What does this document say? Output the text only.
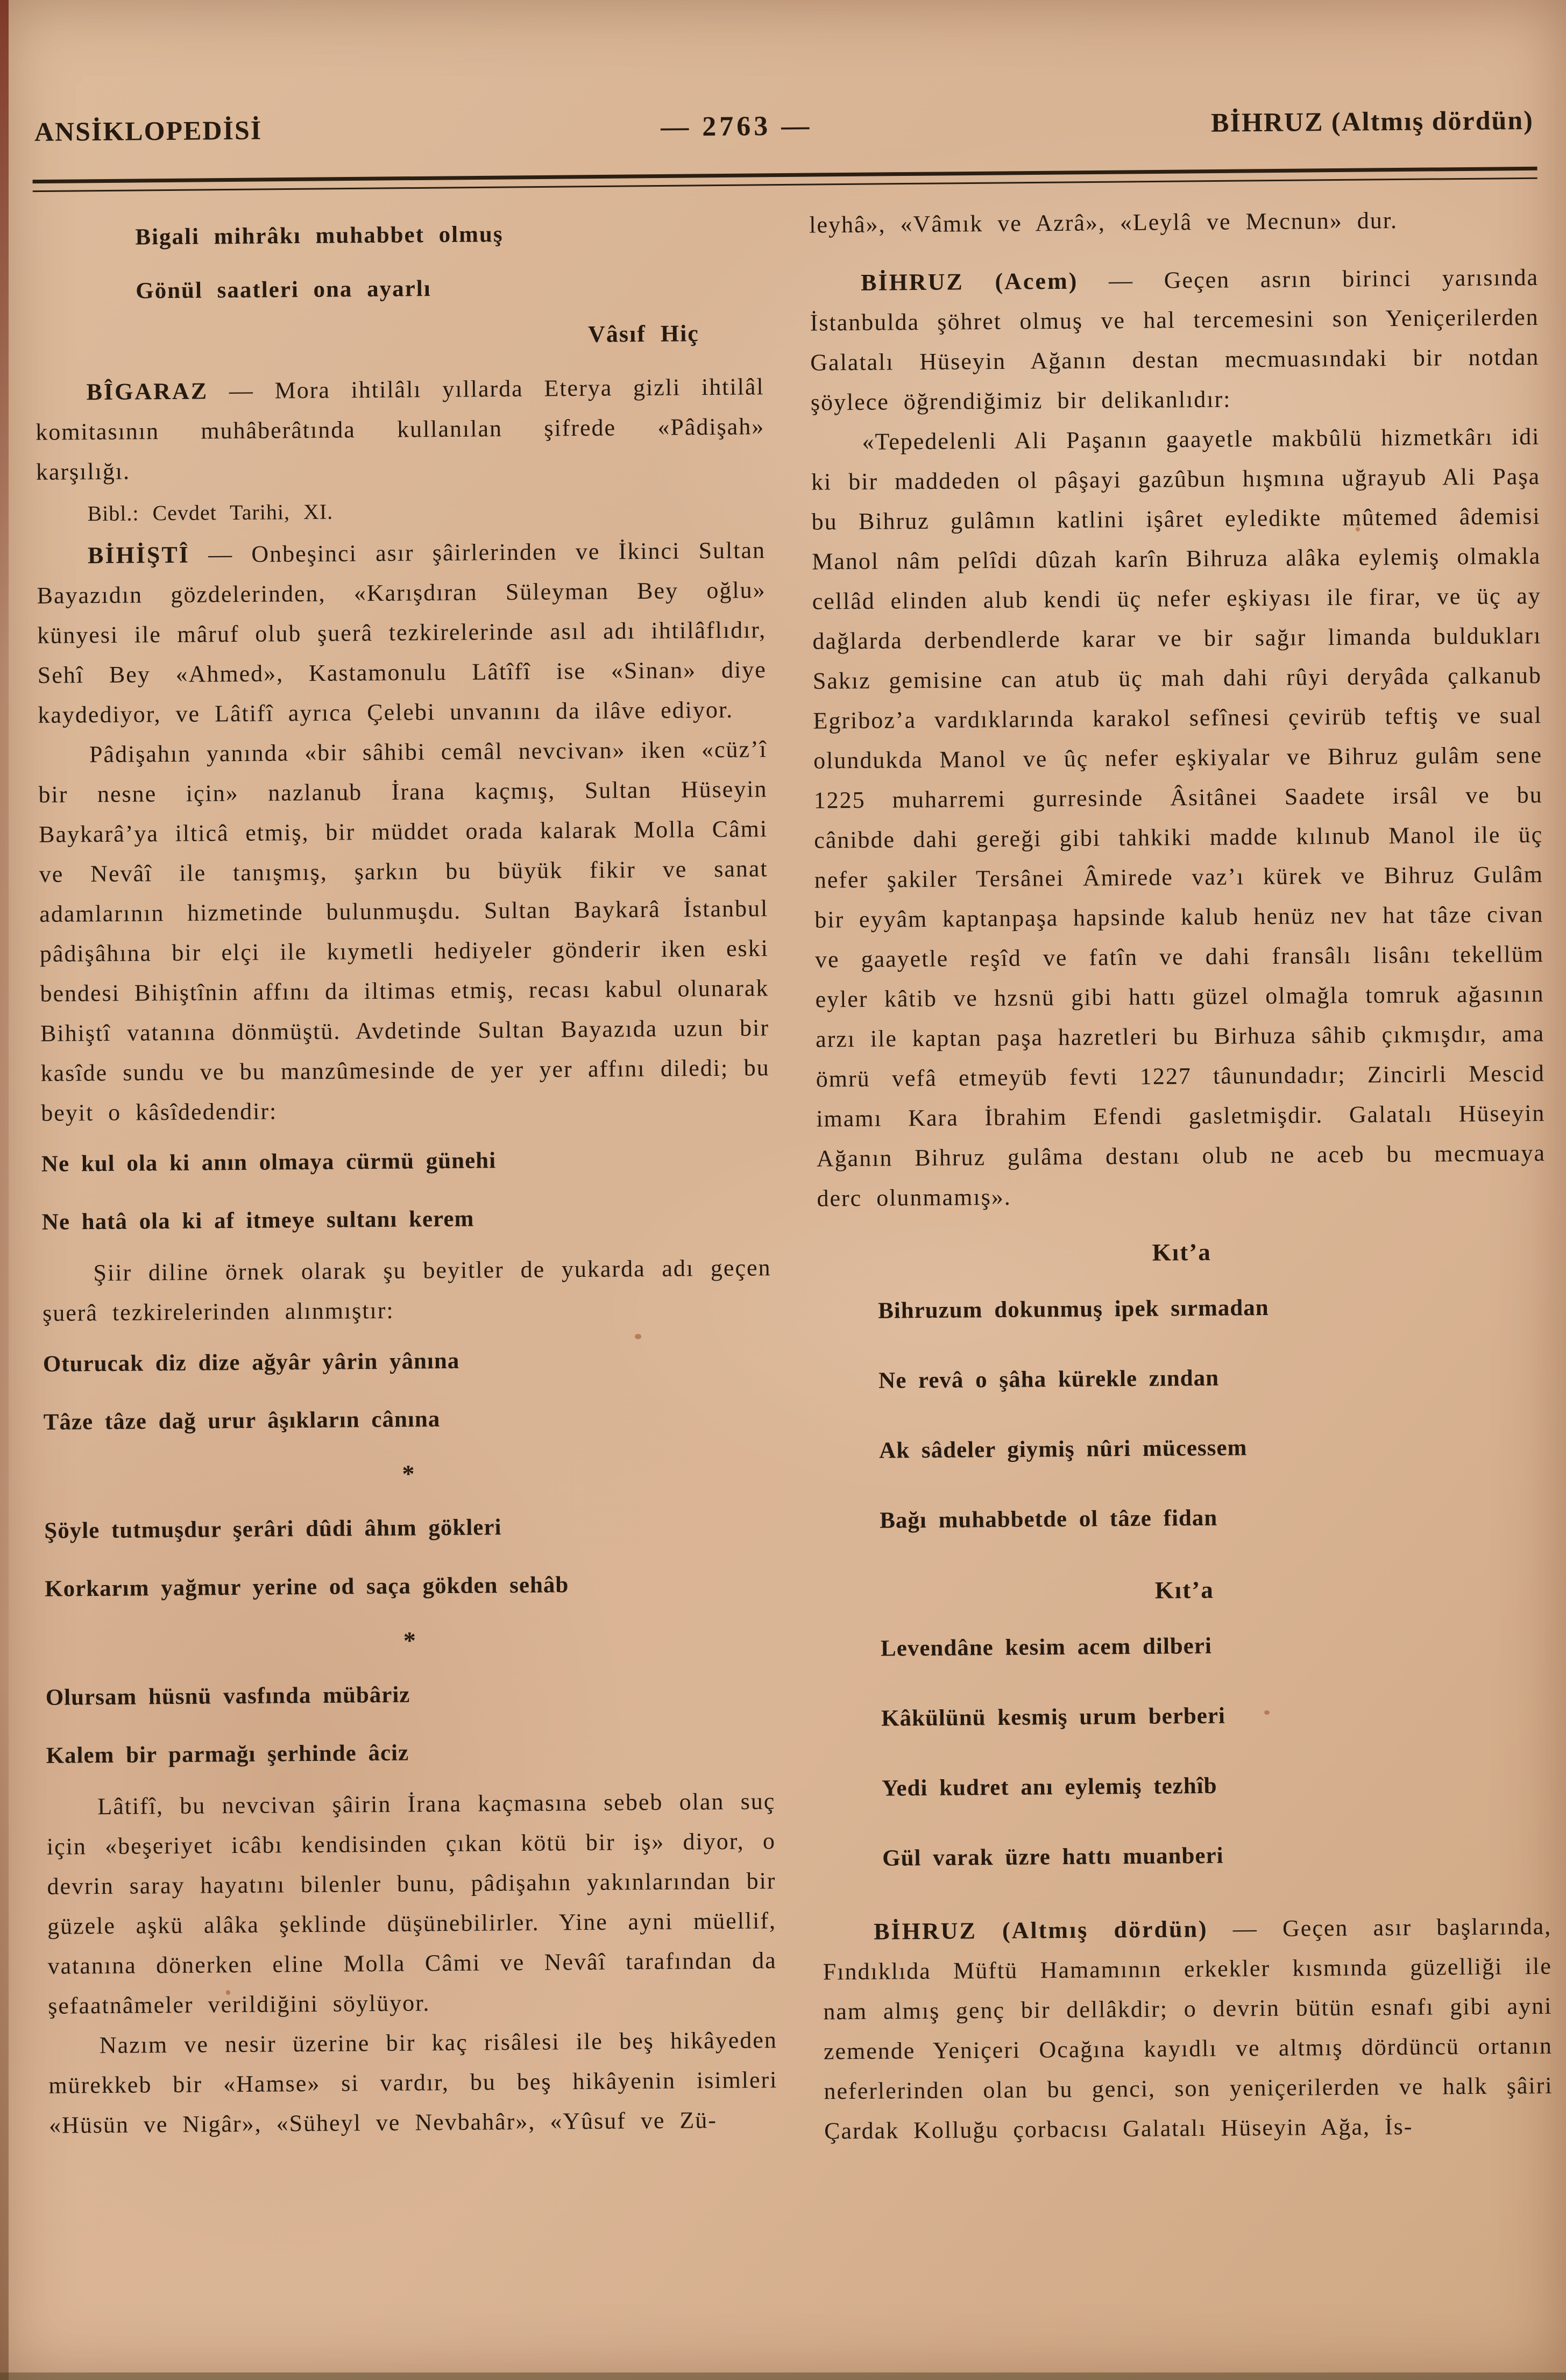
ANSİKLOPEDİSİ	— 2763 —	BİHRUZ (Altmış dördün)
Bigali mihrâkı muhabbet olmuş
Gönül saatleri ona ayarlı
Vâsıf Hiç

BÎGARAZ — Mora ihtilâlı yıllarda Eterya gizli ihtilâl komitasının muhâberâtında kullanılan şifrede «Pâdişah» karşılığı.

Bibl.: Cevdet Tarihi, XI.

BİHİŞTÎ — Onbeşinci asır şâirlerinden ve İkinci Sultan Bayazıdın gözdelerinden, «Karışdıran Süleyman Bey oğlu» künyesi ile mâruf olub şuerâ tezkirelerinde asıl adı ihtilâflıdır, Sehî Bey «Ahmed», Kastamonulu Lâtîfî ise «Sinan» diye kaydediyor, ve Lâtifî ayrıca Çelebi unvanını da ilâve ediyor.

Pâdişahın yanında «bir sâhibi cemâl nevcivan» iken «cüz’î bir nesne için» nazlanub İrana kaçmış, Sultan Hüseyin Baykarâ’ya ilticâ etmiş, bir müddet orada kalarak Molla Câmi ve Nevâî ile tanışmış, şarkın bu büyük fikir ve sanat adamlarının hizmetinde bulunmuşdu. Sultan Baykarâ İstanbul pâdişâhına bir elçi ile kıymetli hediyeler gönderir iken eski bendesi Bihiştînin affını da iltimas etmiş, recası kabul olunarak Bihiştî vatanına dönmüştü. Avdetinde Sultan Bayazıda uzun bir kasîde sundu ve bu manzûmesinde de yer yer affını diledi; bu beyit o kâsîdedendir:

Ne kul ola ki anın olmaya cürmü günehi
Ne hatâ ola ki af itmeye sultanı kerem

Şiir diline örnek olarak şu beyitler de yukarda adı geçen şuerâ tezkirelerinden alınmıştır:

Oturucak diz dize ağyâr yârin yânına
Tâze tâze dağ urur âşıkların cânına
*
Şöyle tutmuşdur şerâri dûdi âhım gökleri
Korkarım yağmur yerine od saça gökden sehâb
*
Olursam hüsnü vasfında mübâriz
Kalem bir parmağı şerhinde âciz

Lâtifî, bu nevcivan şâirin İrana kaçmasına sebeb olan suç için «beşeriyet icâbı kendisinden çıkan kötü bir iş» diyor, o devrin saray hayatını bilenler bunu, pâdişahın yakınlarından bir güzele aşkü alâka şeklinde düşünebilirler. Yine ayni müellif, vatanına dönerken eline Molla Câmi ve Nevâî tarafından da şefaatnâmeler verildiğini söylüyor.

Nazım ve nesir üzerine bir kaç risâlesi ile beş hikâyeden mürekkeb bir «Hamse» si vardır, bu beş hikâyenin isimleri «Hüsün ve Nigâr», «Süheyl ve Nevbahâr», «Yûsuf ve Zü-

leyhâ», «Vâmık ve Azrâ», «Leylâ ve Mecnun» dur.

BİHRUZ (Acem) — Geçen asrın birinci yarısında İstanbulda şöhret olmuş ve hal tercemesini son Yeniçerilerden Galatalı Hüseyin Ağanın destan mecmuasındaki bir notdan şöylece öğrendiğimiz bir delikanlıdır:

«Tepedelenli Ali Paşanın gaayetle makbûlü hizmetkârı idi ki bir maddeden ol pâşayi gazûbun hışmına uğrayub Ali Paşa bu Bihruz gulâmın katlini işâret eyledikte mûtemed âdemisi Manol nâm pelîdi dûzah karîn Bihruza alâka eylemiş olmakla cellâd elinden alub kendi üç nefer eşkiyası ile firar, ve üç ay dağlarda derbendlerde karar ve bir sağır limanda buldukları Sakız gemisine can atub üç mah dahi rûyi deryâda çalkanub Egriboz’a vardıklarında karakol sefînesi çevirüb teftiş ve sual olundukda Manol ve ûç nefer eşkiyalar ve Bihruz gulâm sene 1225 muharremi gurresinde Âsitânei Saadete irsâl ve bu cânibde dahi gereği gibi tahkiki madde kılınub Manol ile üç nefer şakiler Tersânei Âmirede vaz’ı kürek ve Bihruz Gulâm bir eyyâm kaptanpaşa hapsinde kalub henüz nev hat tâze civan ve gaayetle reşîd ve fatîn ve dahi fransâlı lisânı tekellüm eyler kâtib ve hzsnü gibi hattı güzel olmağla tomruk ağasının arzı ile kaptan paşa hazretleri bu Birhuza sâhib çıkmışdır, ama ömrü vefâ etmeyüb fevti 1227 tâunundadır; Zincirli Mescid imamı Kara İbrahim Efendi gasletmişdir. Galatalı Hüseyin Ağanın Bihruz gulâma destanı olub ne aceb bu mecmuaya derc olunmamış».

Kıt’a
Bihruzum dokunmuş ipek sırmadan
Ne revâ o şâha kürekle zından
Ak sâdeler giymiş nûri mücessem
Bağı muhabbetde ol tâze fidan
Kıt’a
Levendâne kesim acem dilberi
Kâkülünü kesmiş urum berberi
Yedi kudret anı eylemiş tezhîb
Gül varak üzre hattı muanberi

BİHRUZ (Altmış dördün) — Geçen asır başlarında, Fındıklıda Müftü Hamamının erkekler kısmında güzelliği ile nam almış genç bir dellâkdir; o devrin bütün esnafı gibi ayni zemende Yeniçeri Ocağına kayıdlı ve altmış dördüncü ortanın neferlerinden olan bu genci, son yeniçerilerden ve halk şâiri Çardak Kolluğu çorbacısı Galatalı Hüseyin Ağa, İs-
